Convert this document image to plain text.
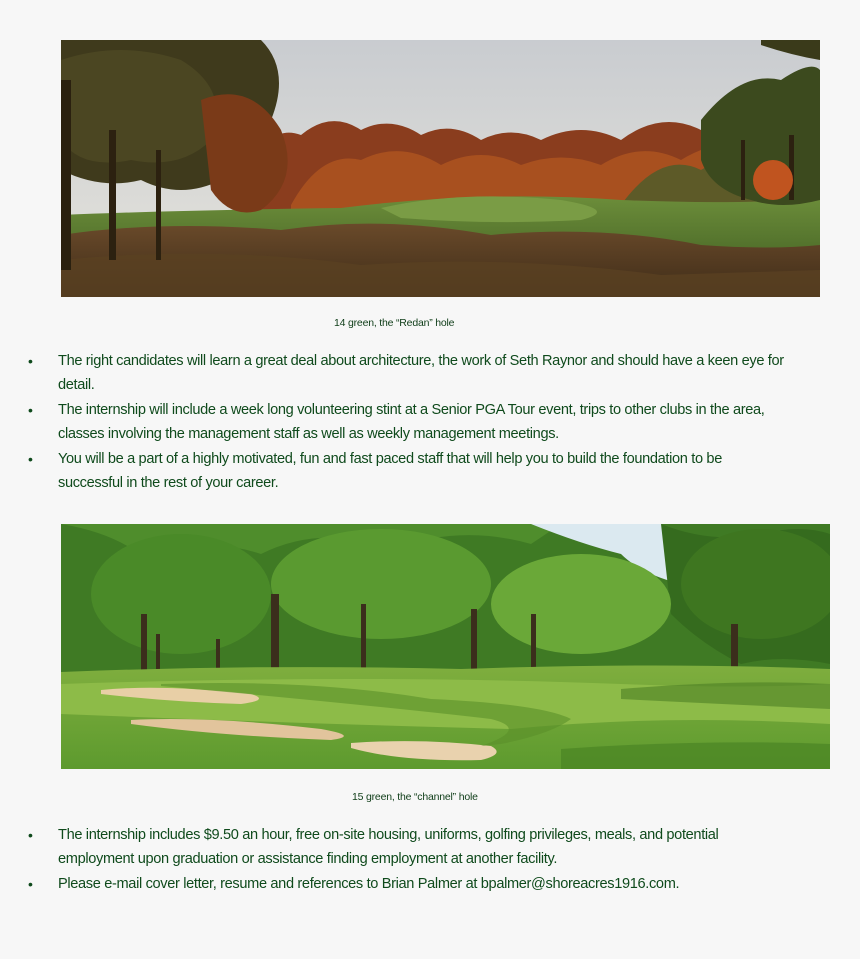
14 green, the “Redan” hole
• The right candidates will learn a great deal about architecture, the work of Seth Raynor and should have a keen eye for detail.
• The internship will include a week long volunteering stint at a Senior PGA Tour event, trips to other clubs in the area, classes involving the management staff as well as weekly management meetings.
• You will be a part of a highly motivated, fun and fast paced staff that will help you to build the foundation to be successful in the rest of your career.
15 green, the “channel” hole
• The internship includes $9.50 an hour, free on-site housing, uniforms, golfing privileges, meals, and potential employment upon graduation or assistance finding employment at another facility.
• Please e-mail cover letter, resume and references to Brian Palmer at bpalmer@shoreacres1916.com.
